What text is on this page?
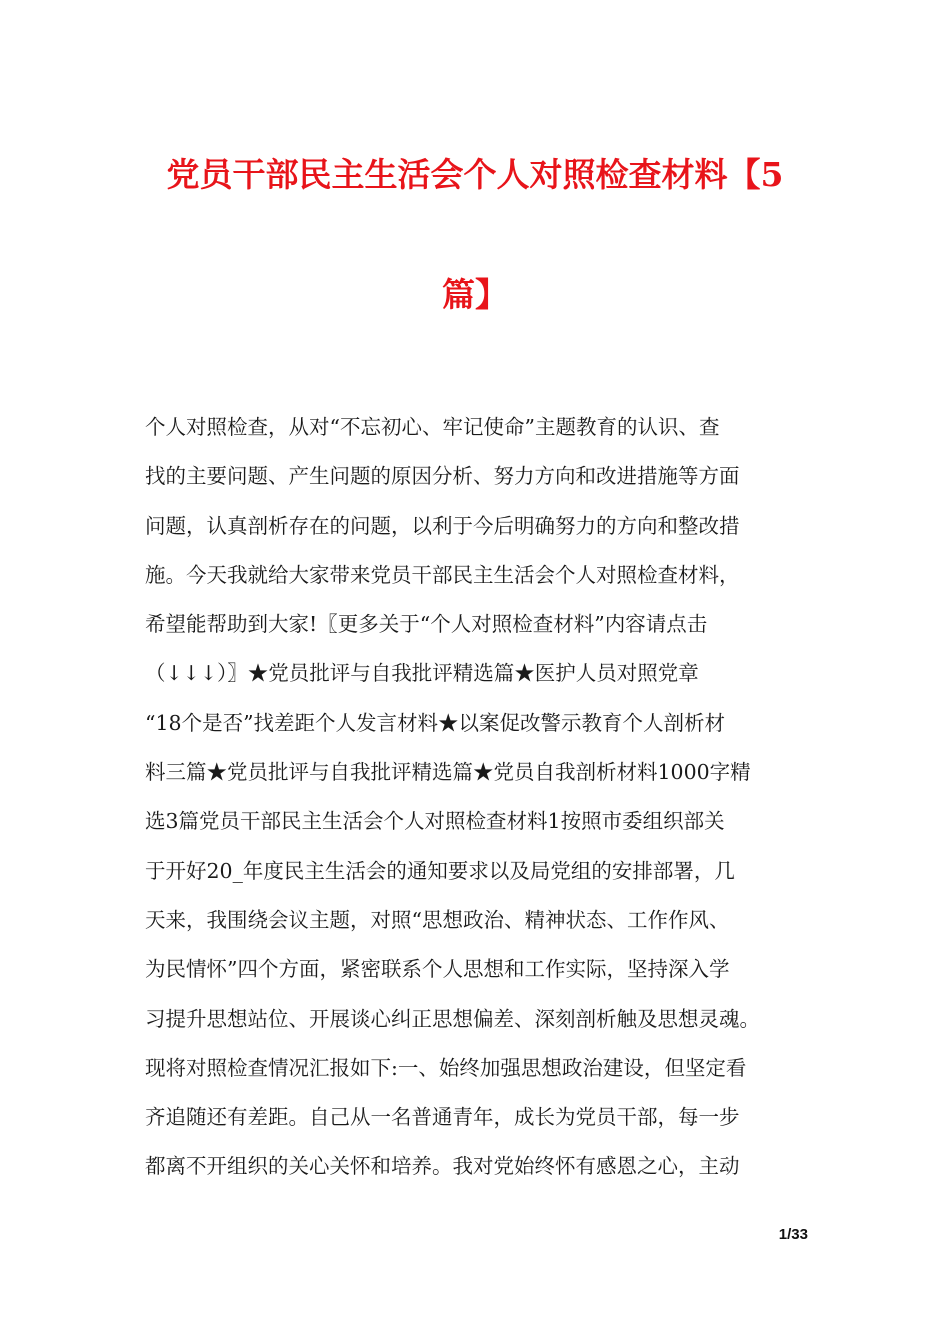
党员干部民主生活会个人对照检查材料【5
篇】
个人对照检查，从对“不忘初心、牢记使命”主题教育的认识、查
找的主要问题、产生问题的原因分析、努力方向和改进措施等方面
问题，认真剖析存在的问题，以利于今后明确努力的方向和整改措
施。今天我就给大家带来党员干部民主生活会个人对照检查材料，
希望能帮助到大家!〖更多关于“个人对照检查材料”内容请点击
（↓↓↓）〗★党员批评与自我批评精选篇★医护人员对照党章
“18个是否”找差距个人发言材料★以案促改警示教育个人剖析材
料三篇★党员批评与自我批评精选篇★党员自我剖析材料1000字精
选3篇党员干部民主生活会个人对照检查材料1按照市委组织部关
于开好20_年度民主生活会的通知要求以及局党组的安排部署，几
天来，我围绕会议主题，对照“思想政治、精神状态、工作作风、
为民情怀”四个方面，紧密联系个人思想和工作实际，坚持深入学
习提升思想站位、开展谈心纠正思想偏差、深刻剖析触及思想灵魂。
现将对照检查情况汇报如下:一、始终加强思想政治建设，但坚定看
齐追随还有差距。自己从一名普通青年，成长为党员干部，每一步
都离不开组织的关心关怀和培养。我对党始终怀有感恩之心，主动
1/33
